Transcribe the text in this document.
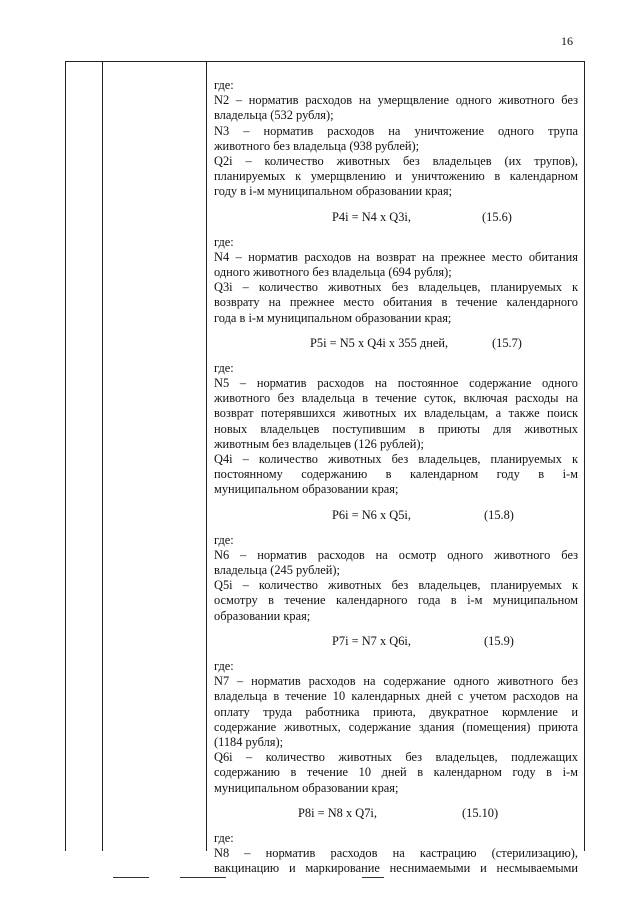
16
где:
N2 – норматив расходов на умерщвление одного животного без
владельца (532 рубля);
N3 – норматив расходов на уничтожение одного трупа
животного без владельца (938 рублей);
Q2i – количество животных без владельцев (их трупов),
планируемых к умерщвлению и уничтожению в календарном
году в i-м муниципальном образовании края;
P4i = N4 x Q3i,	(15.6)
где:
N4 – норматив расходов на возврат на прежнее место обитания
одного животного без владельца (694 рубля);
Q3i – количество животных без владельцев, планируемых к
возврату на прежнее место обитания в течение календарного
года в i-м муниципальном образовании края;
P5i = N5 x Q4i x 355 дней,	(15.7)
где:
N5 – норматив расходов на постоянное содержание одного
животного без владельца в течение суток, включая расходы на
возврат потерявшихся животных их владельцам, а также поиск
новых владельцев поступившим в приюты для животных
животным без владельцев (126 рублей);
Q4i – количество животных без владельцев, планируемых к
постоянному содержанию в календарном году в i-м
муниципальном образовании края;
P6i = N6 x Q5i,	(15.8)
где:
N6 – норматив расходов на осмотр одного животного без
владельца (245 рублей);
Q5i – количество животных без владельцев, планируемых к
осмотру в течение календарного года в i-м муниципальном
образовании края;
P7i = N7 x Q6i,	(15.9)
где:
N7 – норматив расходов на содержание одного животного без
владельца в течение 10 календарных дней с учетом расходов на
оплату труда работника приюта, двукратное кормление и
содержание животных, содержание здания (помещения) приюта
(1184 рубля);
Q6i – количество животных без владельцев, подлежащих
содержанию в течение 10 дней в календарном году в i-м
муниципальном образовании края;
P8i = N8 x Q7i,	(15.10)
где:
N8 – норматив расходов на кастрацию (стерилизацию),
вакцинацию и маркирование неснимаемыми и несмываемыми
